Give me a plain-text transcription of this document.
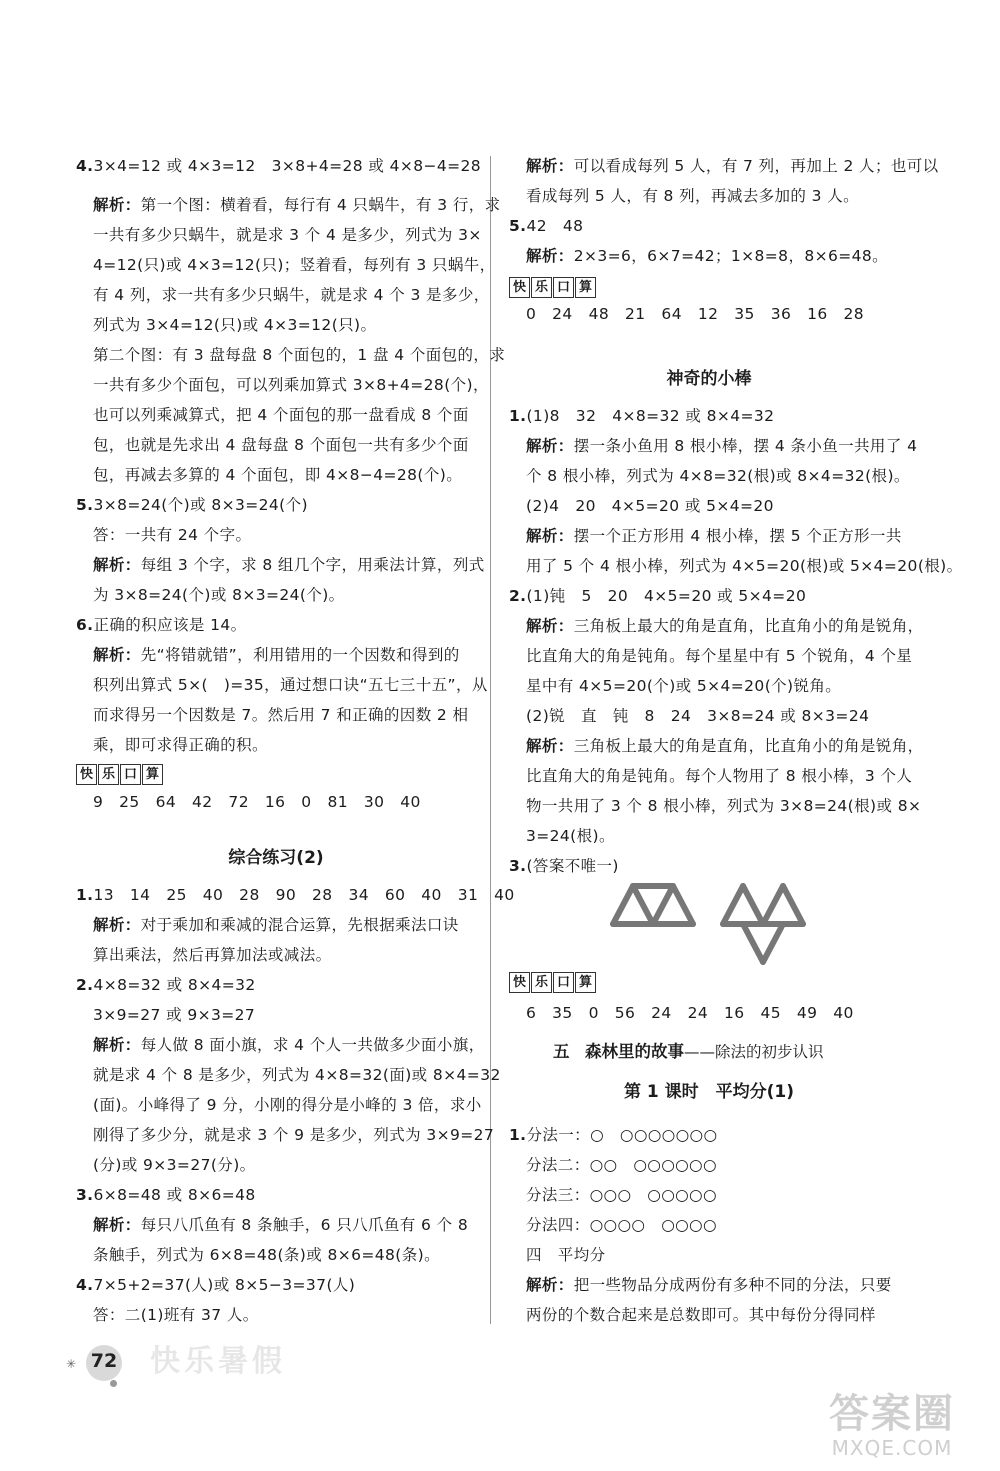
4.3×4=12 或 4×3=12　3×8+4=28 或 4×8−4=28
解析：第一个图：横着看，每行有 4 只蜗牛，有 3 行，求
一共有多少只蜗牛，就是求 3 个 4 是多少，列式为 3×
4=12(只)或 4×3=12(只)；竖着看，每列有 3 只蜗牛，
有 4 列，求一共有多少只蜗牛，就是求 4 个 3 是多少，
列式为 3×4=12(只)或 4×3=12(只)。
第二个图：有 3 盘每盘 8 个面包的，1 盘 4 个面包的，求
一共有多少个面包，可以列乘加算式 3×8+4=28(个)，
也可以列乘减算式，把 4 个面包的那一盘看成 8 个面
包，也就是先求出 4 盘每盘 8 个面包一共有多少个面
包，再减去多算的 4 个面包，即 4×8−4=28(个)。
5.3×8=24(个)或 8×3=24(个)
答：一共有 24 个字。
解析：每组 3 个字，求 8 组几个字，用乘法计算，列式
为 3×8=24(个)或 8×3=24(个)。
6.正确的积应该是 14。
解析：先“将错就错”，利用错用的一个因数和得到的
积列出算式 5×(　)=35，通过想口诀“五七三十五”，从
而求得另一个因数是 7。然后用 7 和正确的因数 2 相
乘，即可求得正确的积。
快 乐 口 算
9　25　64　42　72　16　0　81　30　40
综合练习(2)
1.13　14　25　40　28　90　28　34　60　40　31　40
解析：对于乘加和乘减的混合运算，先根据乘法口诀
算出乘法，然后再算加法或减法。
2.4×8=32 或 8×4=32
3×9=27 或 9×3=27
解析：每人做 8 面小旗，求 4 个人一共做多少面小旗，
就是求 4 个 8 是多少，列式为 4×8=32(面)或 8×4=32
(面)。小峰得了 9 分，小刚的得分是小峰的 3 倍，求小
刚得了多少分，就是求 3 个 9 是多少，列式为 3×9=27
(分)或 9×3=27(分)。
3.6×8=48 或 8×6=48
解析：每只八爪鱼有 8 条触手，6 只八爪鱼有 6 个 8
条触手，列式为 6×8=48(条)或 8×6=48(条)。
4.7×5+2=37(人)或 8×5−3=37(人)
答：二(1)班有 37 人。
解析：可以看成每列 5 人，有 7 列，再加上 2 人；也可以
看成每列 5 人，有 8 列，再减去多加的 3 人。
5.42　48
解析：2×3=6，6×7=42；1×8=8，8×6=48。
快 乐 口 算
0　24　48　21　64　12　35　36　16　28
神奇的小棒
1.(1)8　32　4×8=32 或 8×4=32
解析：摆一条小鱼用 8 根小棒，摆 4 条小鱼一共用了 4
个 8 根小棒，列式为 4×8=32(根)或 8×4=32(根)。
(2)4　20　4×5=20 或 5×4=20
解析：摆一个正方形用 4 根小棒，摆 5 个正方形一共
用了 5 个 4 根小棒，列式为 4×5=20(根)或 5×4=20(根)。
2.(1)钝　5　20　4×5=20 或 5×4=20
解析：三角板上最大的角是直角，比直角小的角是锐角，
比直角大的角是钝角。每个星星中有 5 个锐角，4 个星
星中有 4×5=20(个)或 5×4=20(个)锐角。
(2)锐　直　钝　8　24　3×8=24 或 8×3=24
解析：三角板上最大的角是直角，比直角小的角是锐角，
比直角大的角是钝角。每个人物用了 8 根小棒，3 个人
物一共用了 3 个 8 根小棒，列式为 3×8=24(根)或 8×
3=24(根)。
3.(答案不唯一)
快 乐 口 算
6　35　0　56　24　24　16　45　49　40
五　 森林里的故事——除法的初步认识
第 1 课时　平均分(1)
1.分法一：○　○○○○○○○
分法二：○○　○○○○○○
分法三：○○○　○○○○○
分法四：○○○○　○○○○
四　平均分
解析：把一些物品分成两份有多种不同的分法，只要
两份的个数合起来是总数即可。其中每份分得同样
✳ 72 快乐暑假
答案圈
MXQE.COM
